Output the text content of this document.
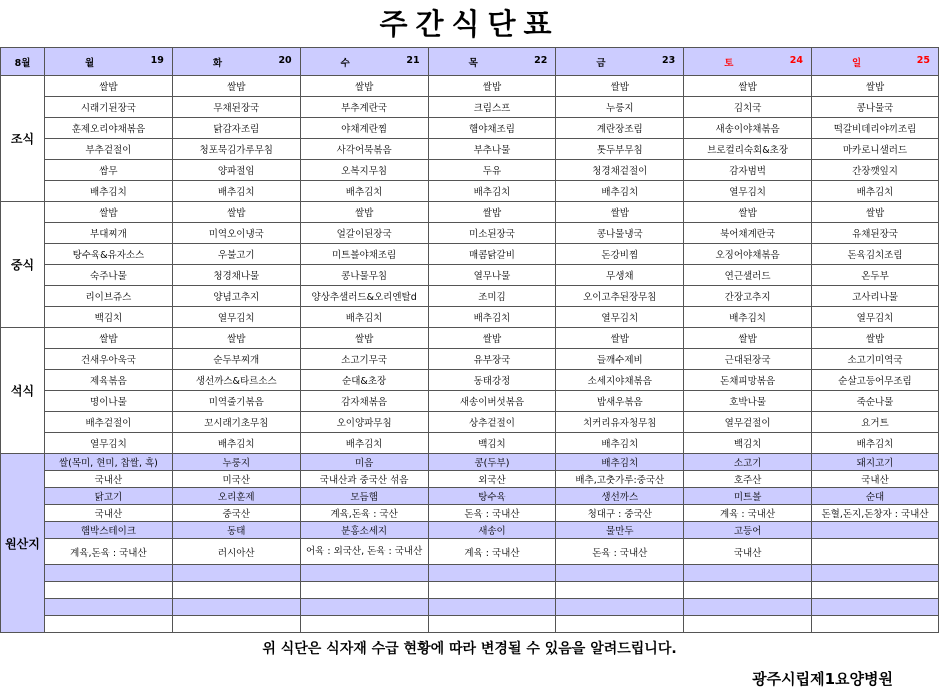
주간식단표
8월	월 19	화 20	수 21	목 22	금 23	토 24	일 25

조식	쌀밥	쌀밥	쌀밥	쌀밥	쌀밥	쌀밥	쌀밥
	시래기된장국	무채된장국	부추계란국	크림스프	누룽지	김치국	콩나물국
	훈제오리야채볶음	닭감자조림	야채계란찜	햄야채조림	계란장조림	새송이야채볶음	떡갈비데리야끼조림
	부추겉절이	청포묵김가루무침	사각어묵볶음	부추나물	톳두부무침	브로컬리숙회&초장	마카로니샐러드
	쌈무	양파절임	오복지무침	두유	청경채겉절이	감자범벅	간장깻잎지
	배추김치	배추김치	배추김치	배추김치	배추김치	열무김치	배추김치
중식	쌀밥	쌀밥	쌀밥	쌀밥	쌀밥	쌀밥	쌀밥
	부대찌개	미역오이냉국	얼갈이된장국	미소된장국	콩나물냉국	북어채계란국	유채된장국
	탕수육&유자소스	우불고기	미트볼야채조림	매콤닭갈비	돈강비찜	오징어야채볶음	돈육김치조림
	숙주나물	청경채나물	콩나물무침	열무나물	무생채	연근샐러드	온두부
	리이브쥬스	양념고추지	양상추샐러드&오리엔탈d	조미김	오이고추된장무침	간장고추지	고사리나물
	백김치	열무김치	배추김치	배추김치	열무김치	배추김치	열무김치
석식	쌀밥	쌀밥	쌀밥	쌀밥	쌀밥	쌀밥	쌀밥
	건새우아욱국	순두부찌개	소고기무국	유부장국	들깨수제비	근대된장국	소고기미역국
	제육볶음	생선까스&타르소스	순대&초장	동태강정	소세지야채볶음	돈채피망볶음	순살고등어무조림
	명이나물	미역줄기볶음	감자채볶음	새송이버섯볶음	밥새우볶음	호박나물	죽순나물
	배추겉절이	꼬시래기초무침	오이양파무침	상추겉절이	치커리유자청무침	열무겉절이	요거트
	열무김치	배추김치	배추김치	백김치	배추김치	백김치	배추김치
원산지	쌀(목미, 현미, 찹쌀, 흑)	누룽지	미음	콩(두부)	배추김치	소고기	돼지고기
	국내산	미국산	국내산과 중국산 섞음	외국산	배추,고춧가루:중국산	호주산	국내산
	닭고기	오리훈제	모듬햄	탕수육	생선까스	미트볼	순대
	국내산	중국산	계육,돈육 : 국산	돈육 : 국내산	청대구 : 중국산	계육 : 국내산	돈혈,돈지,돈창자 : 국내산
	햄박스테이크	동태	분홍소세지	새송이	물만두	고등어	
	계육,돈육 : 국내산	러시아산	어육 : 외국산, 돈육 : 국내산	계육 : 국내산	돈육 : 국내산	국내산	

위 식단은 식자재 수급 현황에 따라 변경될 수 있음을 알려드립니다.
광주시립제1요양병원
